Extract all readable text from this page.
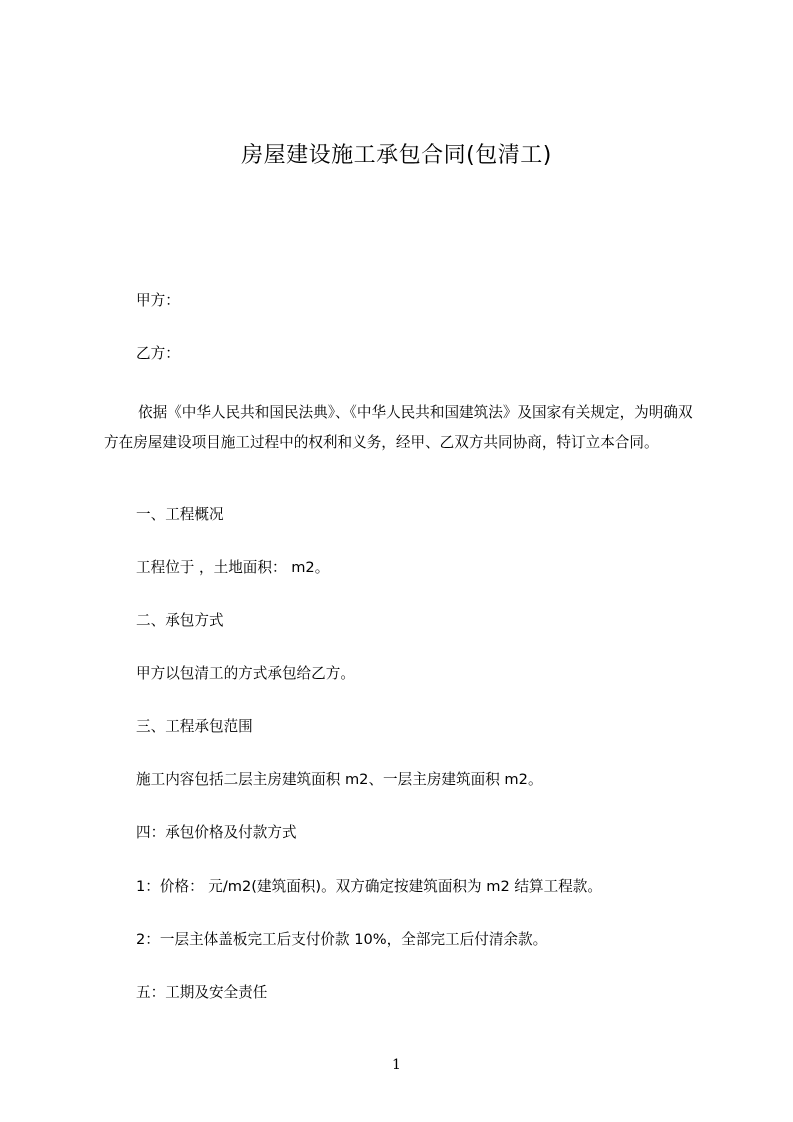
房屋建设施工承包合同(包清工)
甲方：
乙方：
依据《中华人民共和国民法典》、《中华人民共和国建筑法》及国家有关规定，为明确双方在房屋建设项目施工过程中的权利和义务，经甲、乙双方共同协商，特订立本合同。
一、工程概况
工程位于 ，土地面积： m2。
二、承包方式
甲方以包清工的方式承包给乙方。
三、工程承包范围
施工内容包括二层主房建筑面积 m2、一层主房建筑面积 m2。
四：承包价格及付款方式
1：价格： 元/m2(建筑面积)。双方确定按建筑面积为 m2 结算工程款。
2：一层主体盖板完工后支付价款 10%，全部完工后付清余款。
五：工期及安全责任
1
